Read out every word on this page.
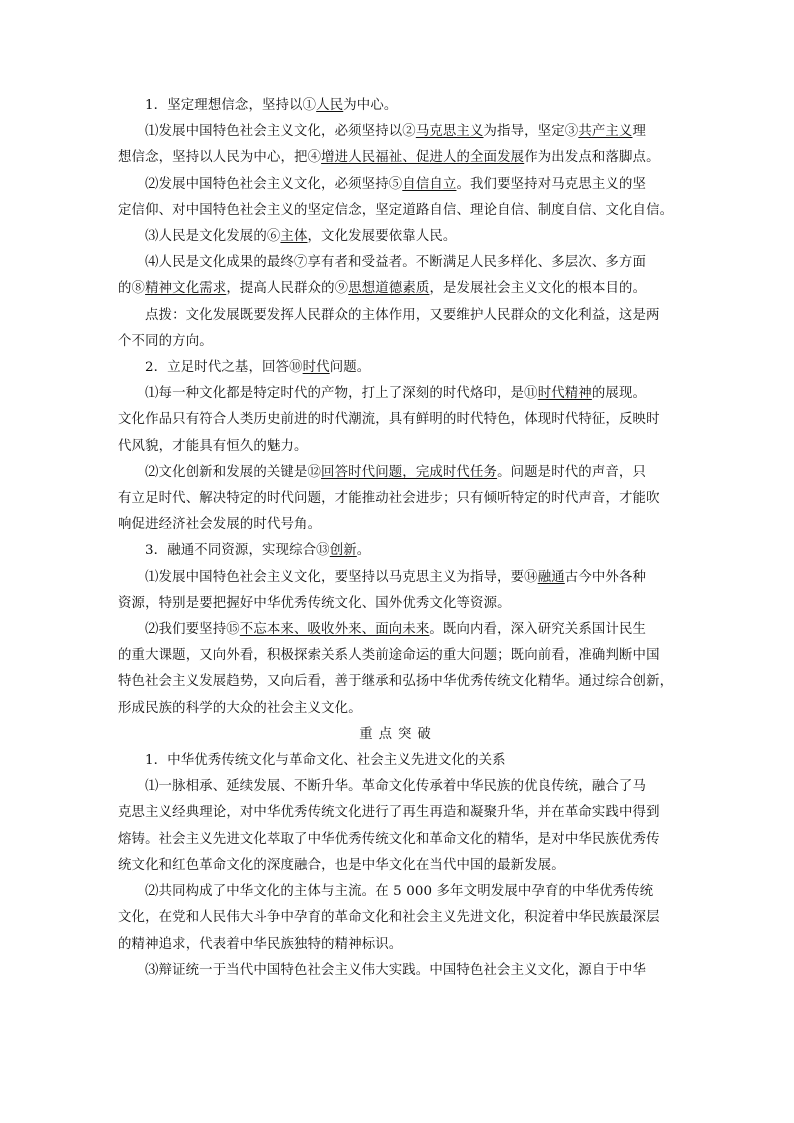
1．坚定理想信念，坚持以①人民为中心。
⑴发展中国特色社会主义文化，必须坚持以②马克思主义为指导，坚定③共产主义理
想信念，坚持以人民为中心，把④增进人民福祉、促进人的全面发展作为出发点和落脚点。
⑵发展中国特色社会主义文化，必须坚持⑤自信自立。我们要坚持对马克思主义的坚
定信仰、对中国特色社会主义的坚定信念，坚定道路自信、理论自信、制度自信、文化自信。
⑶人民是文化发展的⑥主体，文化发展要依靠人民。
⑷人民是文化成果的最终⑦享有者和受益者。不断满足人民多样化、多层次、多方面
的⑧精神文化需求，提高人民群众的⑨思想道德素质，是发展社会主义文化的根本目的。
点拨：文化发展既要发挥人民群众的主体作用，又要维护人民群众的文化利益，这是两
个不同的方向。
2．立足时代之基，回答⑩时代问题。
⑴每一种文化都是特定时代的产物，打上了深刻的时代烙印，是⑪时代精神的展现。
文化作品只有符合人类历史前进的时代潮流，具有鲜明的时代特色，体现时代特征，反映时
代风貌，才能具有恒久的魅力。
⑵文化创新和发展的关键是⑫回答时代问题，完成时代任务。问题是时代的声音，只
有立足时代、解决特定的时代问题，才能推动社会进步；只有倾听特定的时代声音，才能吹
响促进经济社会发展的时代号角。
3．融通不同资源，实现综合⑬创新。
⑴发展中国特色社会主义文化，要坚持以马克思主义为指导，要⑭融通古今中外各种
资源，特别是要把握好中华优秀传统文化、国外优秀文化等资源。
⑵我们要坚持⑮不忘本来、吸收外来、面向未来。既向内看，深入研究关系国计民生
的重大课题，又向外看，积极探索关系人类前途命运的重大问题；既向前看，准确判断中国
特色社会主义发展趋势，又向后看，善于继承和弘扬中华优秀传统文化精华。通过综合创新，
形成民族的科学的大众的社会主义文化。
重点突破
1．中华优秀传统文化与革命文化、社会主义先进文化的关系
⑴一脉相承、延续发展、不断升华。革命文化传承着中华民族的优良传统，融合了马
克思主义经典理论，对中华优秀传统文化进行了再生再造和凝聚升华，并在革命实践中得到
熔铸。社会主义先进文化萃取了中华优秀传统文化和革命文化的精华，是对中华民族优秀传
统文化和红色革命文化的深度融合，也是中华文化在当代中国的最新发展。
⑵共同构成了中华文化的主体与主流。在 5 000 多年文明发展中孕育的中华优秀传统
文化，在党和人民伟大斗争中孕育的革命文化和社会主义先进文化，积淀着中华民族最深层
的精神追求，代表着中华民族独特的精神标识。
⑶辩证统一于当代中国特色社会主义伟大实践。中国特色社会主义文化，源自于中华
